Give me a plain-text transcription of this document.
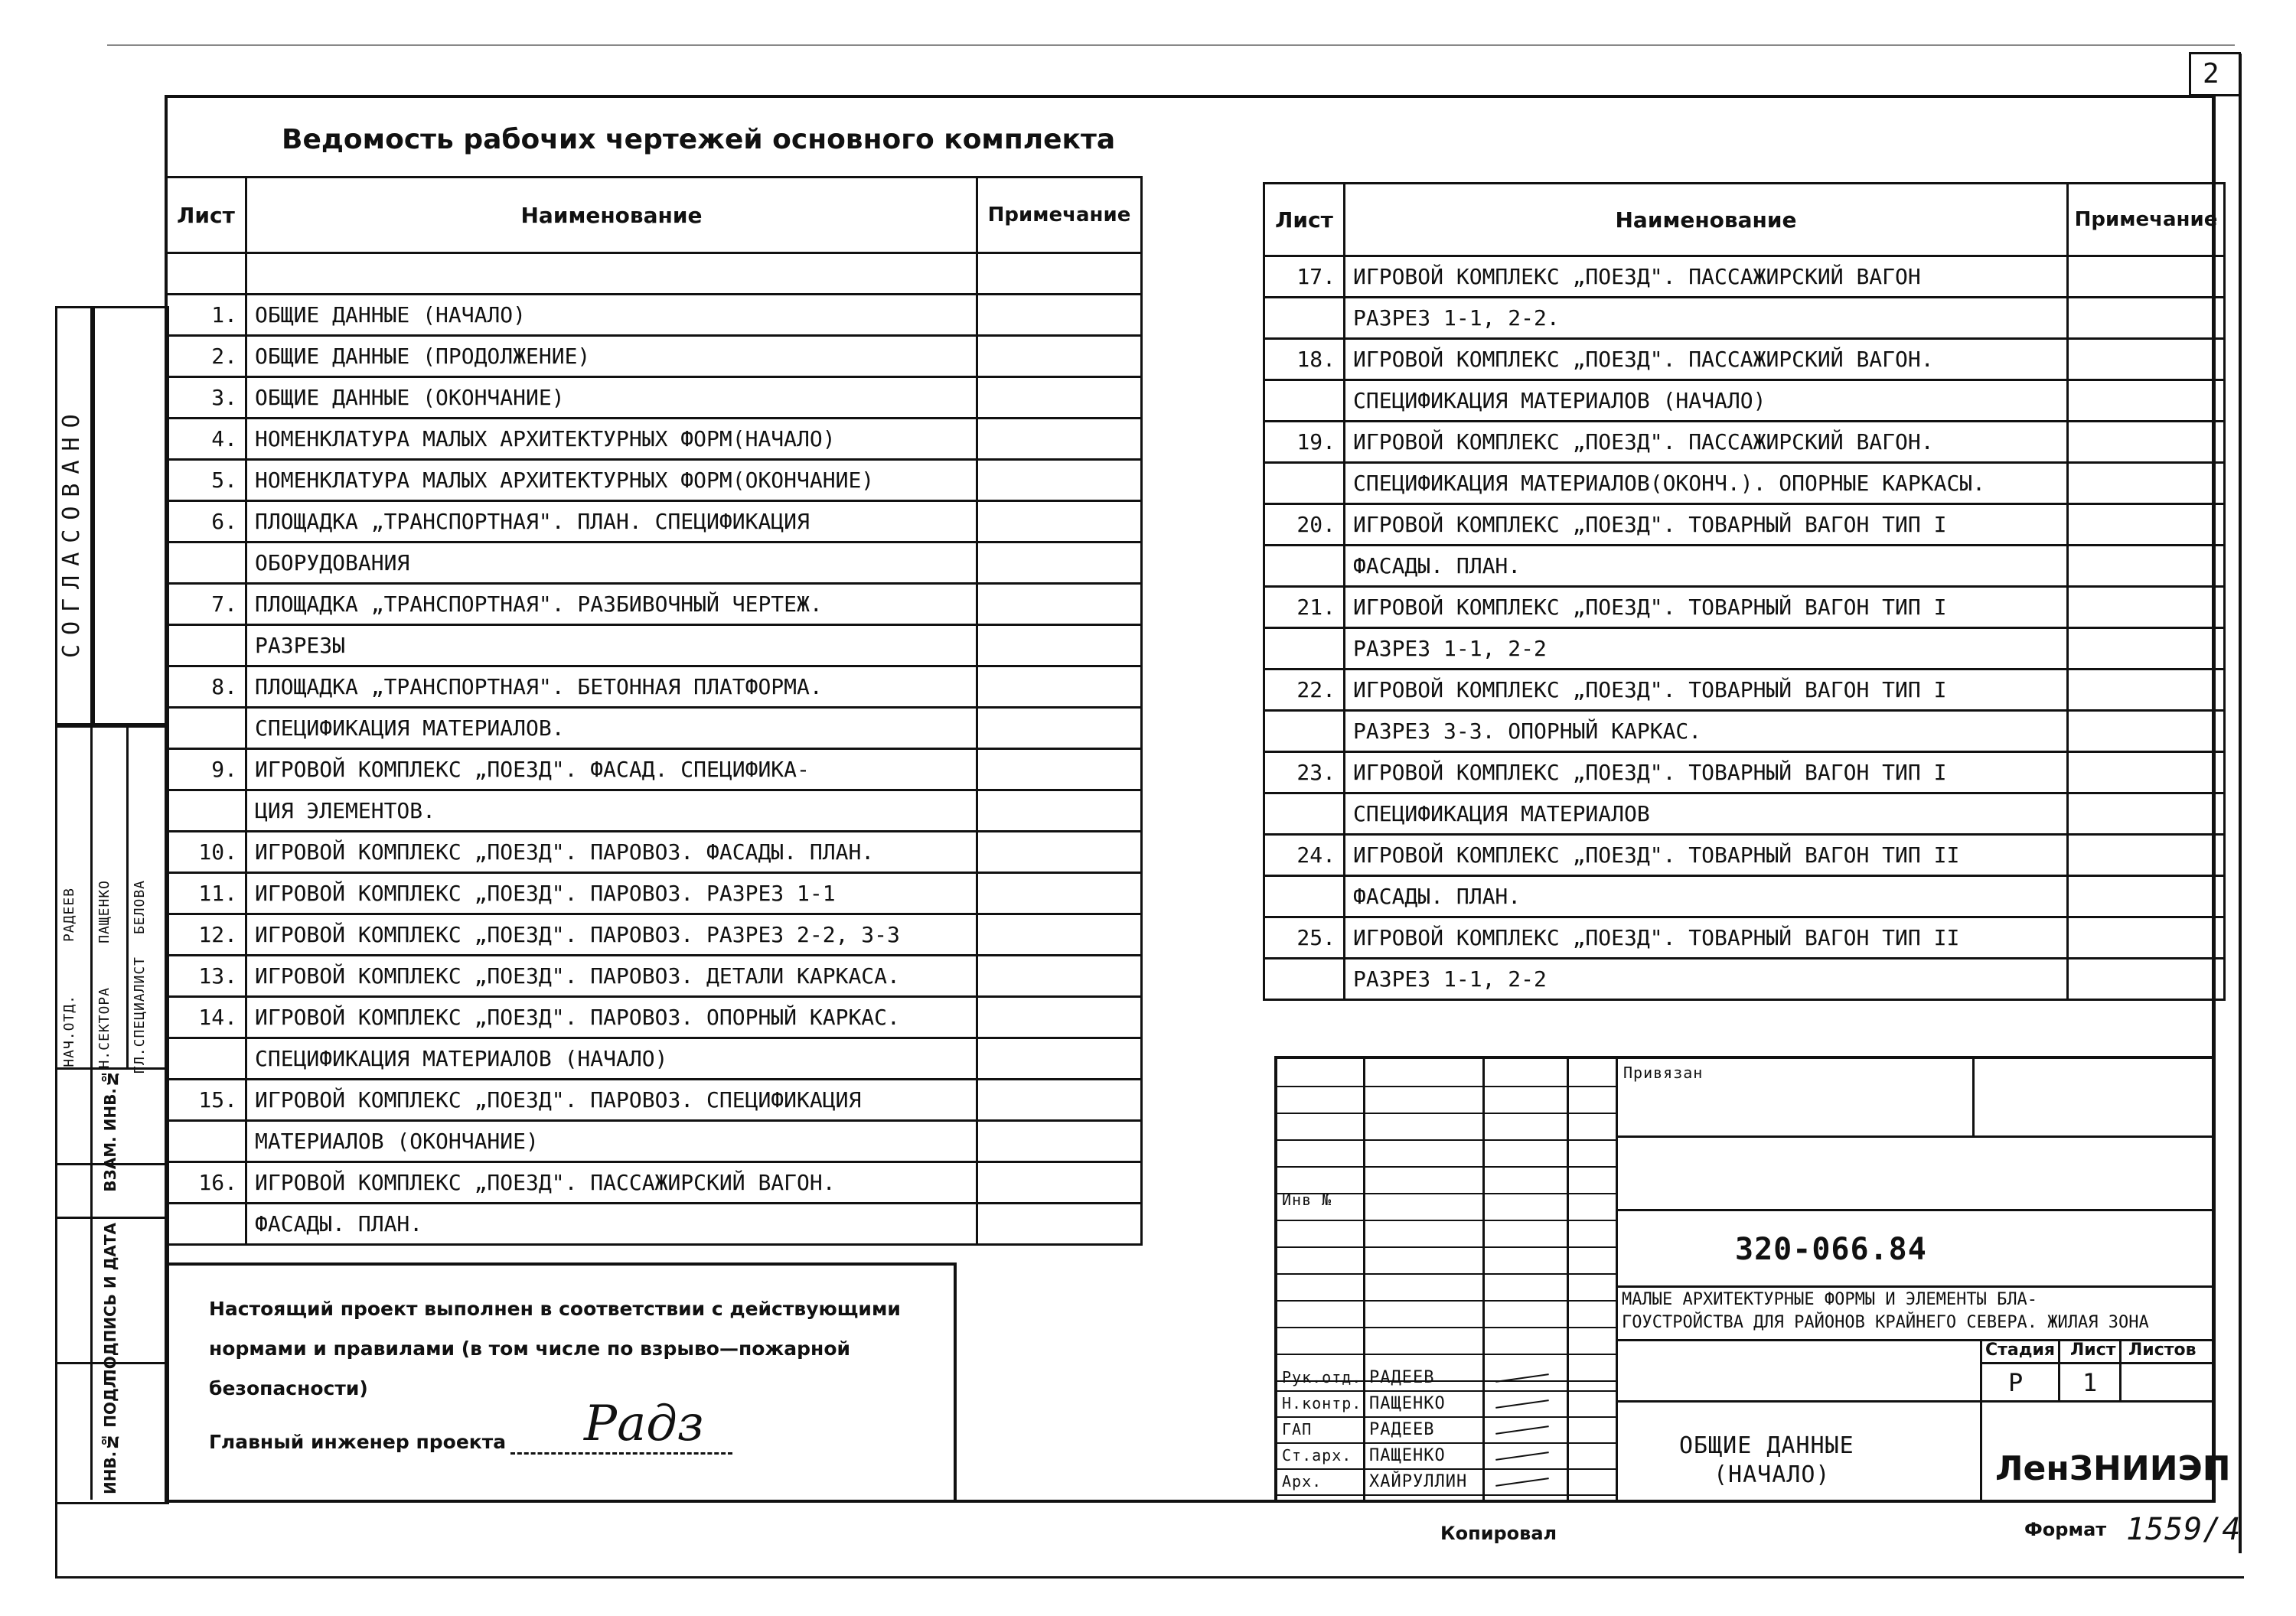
2
Ведомость рабочих чертежей основного комплекта
Лист	Наименование	Примечание

1.	ОБЩИЕ ДАННЫЕ (НАЧАЛО)	
2.	ОБЩИЕ ДАННЫЕ (ПРОДОЛЖЕНИЕ)	
3.	ОБЩИЕ ДАННЫЕ (ОКОНЧАНИЕ)	
4.	НОМЕНКЛАТУРА МАЛЫХ АРХИТЕКТУРНЫХ ФОРМ(НАЧАЛО)	
5.	НОМЕНКЛАТУРА МАЛЫХ АРХИТЕКТУРНЫХ ФОРМ(ОКОНЧАНИЕ)	
6.	ПЛОЩАДКА „ТРАНСПОРТНАЯ". ПЛАН. СПЕЦИФИКАЦИЯ	
	ОБОРУДОВАНИЯ	
7.	ПЛОЩАДКА „ТРАНСПОРТНАЯ". РАЗБИВОЧНЫЙ ЧЕРТЕЖ.	
	РАЗРЕЗЫ	
8.	ПЛОЩАДКА „ТРАНСПОРТНАЯ". БЕТОННАЯ ПЛАТФОРМА.	
	СПЕЦИФИКАЦИЯ МАТЕРИАЛОВ.	
9.	ИГРОВОЙ КОМПЛЕКС „ПОЕЗД". ФАСАД. СПЕЦИФИКА-	
	ЦИЯ ЭЛЕМЕНТОВ.	
10.	ИГРОВОЙ КОМПЛЕКС „ПОЕЗД". ПАРОВОЗ. ФАСАДЫ. ПЛАН.	
11.	ИГРОВОЙ КОМПЛЕКС „ПОЕЗД". ПАРОВОЗ. РАЗРЕЗ 1-1	
12.	ИГРОВОЙ КОМПЛЕКС „ПОЕЗД". ПАРОВОЗ. РАЗРЕЗ 2-2, 3-3	
13.	ИГРОВОЙ КОМПЛЕКС „ПОЕЗД". ПАРОВОЗ. ДЕТАЛИ КАРКАСА.	
14.	ИГРОВОЙ КОМПЛЕКС „ПОЕЗД". ПАРОВОЗ. ОПОРНЫЙ КАРКАС.	
	СПЕЦИФИКАЦИЯ МАТЕРИАЛОВ (НАЧАЛО)	
15.	ИГРОВОЙ КОМПЛЕКС „ПОЕЗД". ПАРОВОЗ. СПЕЦИФИКАЦИЯ	
	МАТЕРИАЛОВ (ОКОНЧАНИЕ)	
16.	ИГРОВОЙ КОМПЛЕКС „ПОЕЗД". ПАССАЖИРСКИЙ ВАГОН.	
	ФАСАДЫ. ПЛАН.	
Лист	Наименование	Примечание
17.	ИГРОВОЙ КОМПЛЕКС „ПОЕЗД". ПАССАЖИРСКИЙ ВАГОН	
	РАЗРЕЗ 1-1, 2-2.	
18.	ИГРОВОЙ КОМПЛЕКС „ПОЕЗД". ПАССАЖИРСКИЙ ВАГОН.	
	СПЕЦИФИКАЦИЯ МАТЕРИАЛОВ (НАЧАЛО)	
19.	ИГРОВОЙ КОМПЛЕКС „ПОЕЗД". ПАССАЖИРСКИЙ ВАГОН.	
	СПЕЦИФИКАЦИЯ МАТЕРИАЛОВ(ОКОНЧ.). ОПОРНЫЕ КАРКАСЫ.	
20.	ИГРОВОЙ КОМПЛЕКС „ПОЕЗД". ТОВАРНЫЙ ВАГОН ТИП I	
	ФАСАДЫ. ПЛАН.	
21.	ИГРОВОЙ КОМПЛЕКС „ПОЕЗД". ТОВАРНЫЙ ВАГОН ТИП I	
	РАЗРЕЗ 1-1, 2-2	
22.	ИГРОВОЙ КОМПЛЕКС „ПОЕЗД". ТОВАРНЫЙ ВАГОН ТИП I	
	РАЗРЕЗ 3-3. ОПОРНЫЙ КАРКАС.	
23.	ИГРОВОЙ КОМПЛЕКС „ПОЕЗД". ТОВАРНЫЙ ВАГОН ТИП I	
	СПЕЦИФИКАЦИЯ МАТЕРИАЛОВ	
24.	ИГРОВОЙ КОМПЛЕКС „ПОЕЗД". ТОВАРНЫЙ ВАГОН ТИП II	
	ФАСАДЫ. ПЛАН.	
25.	ИГРОВОЙ КОМПЛЕКС „ПОЕЗД". ТОВАРНЫЙ ВАГОН ТИП II	
	РАЗРЕЗ 1-1, 2-2	
Настоящий проект выполнен в соответствии с действующими
нормами и правилами (в том числе по взрыво—пожарной
безопасности)
Главный инженер проекта Радз
СОГЛАСОВАНО
НАЧ.ОТД.
РАДЕЕВ
Н.СЕКТОРА
ПАЩЕНКО
ГЛ.СПЕЦИАЛИСТ
БЕЛОВА
ВЗАМ. ИНВ.№
ПОДПИСЬ И ДАТА
ИНВ.№ ПОДЛ.	Рук.отд. РАДЕЕВ
Н.контр. ПАЩЕНКО
ГАП	РАДЕЕВ
Ст.арх. ПАЩЕНКО
Арх.	ХАЙРУЛЛИН
Инв №
Привязан
320-066.84
МАЛЫЕ АРХИТЕКТУРНЫЕ ФОРМЫ И ЭЛЕМЕНТЫ БЛА-
ГОУСТРОЙСТВА ДЛЯ РАЙОНОВ КРАЙНЕГО СЕВЕРА. ЖИЛАЯ ЗОНА
Стадия Лист Листов
Р 1
ОБЩИЕ ДАННЫЕ
(НАЧАЛО)	ЛенЗНИИЭП
Копировал	Формат 1559/4
